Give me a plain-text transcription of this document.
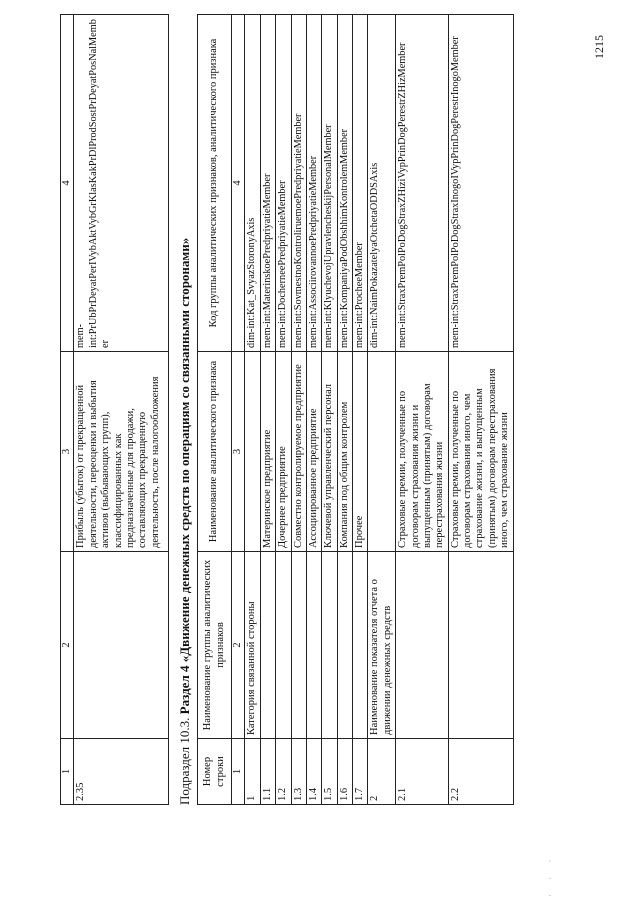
1	2	3	4
2.35		Прибыль (убыток) от прекращенной деятельности, переоценки и выбытия активов (выбывающих групп), классифицированных как предназначенные для продажи, составляющих прекращенную деятельность, после налогообложения	mem-int:PrUbPrDeyatPerIVybAktVybGrKlasKakPrDlProdSostPrDeyatPosNalMember
Подраздел 10.3. Раздел 4 «Движение денежных средств по операциям со связанными сторонами»
Номер строки	Наименование группы аналитических признаков	Наименование аналитического признака	Код группы аналитических признаков, аналитического признака
1	2	3	4
1	Категория связанной стороны		dim-int:Kat_SvyazStoronyAxis
1.1		Материнское предприятие	mem-int:MaterinskoePredpriyatieMember
1.2		Дочернее предприятие	mem-int:DocherneePredpriyatieMember
1.3		Совместно контролируемое предприятие	mem-int:SovmestnoKontroliruemoePredpriyatieMember
1.4		Ассоциированное предприятие	mem-int:AssociirovannoePredpriyatieMember
1.5		Ключевой управленческий персонал	mem-int:KlyuchevojUpravlencheskijPersonalMember
1.6		Компания под общим контролем	mem-int:KompaniyaPodObshhimKontrolemMember
1.7		Прочее	mem-int:ProcheeMember
2	Наименование показателя отчета о движении денежных средств		dim-int:NaimPokazatelyaOtchetaODDSAxis
2.1		Страховые премии, полученные по договорам страхования жизни и выпущенным (принятым) договорам перестрахования жизни	mem-int:StraxPremPolPoDogStraxZHiziVypPrinDogPerestrZHizMember
2.2		Страховые премии, полученные по договорам страхования иного, чем страхование жизни, и выпущенным (принятым) договорам перестрахования иного, чем страхование жизни	mem-int:StraxPremPolPoDogStraxInogoIVypPrinDogPerestrInogoMember	1215
· · ·
